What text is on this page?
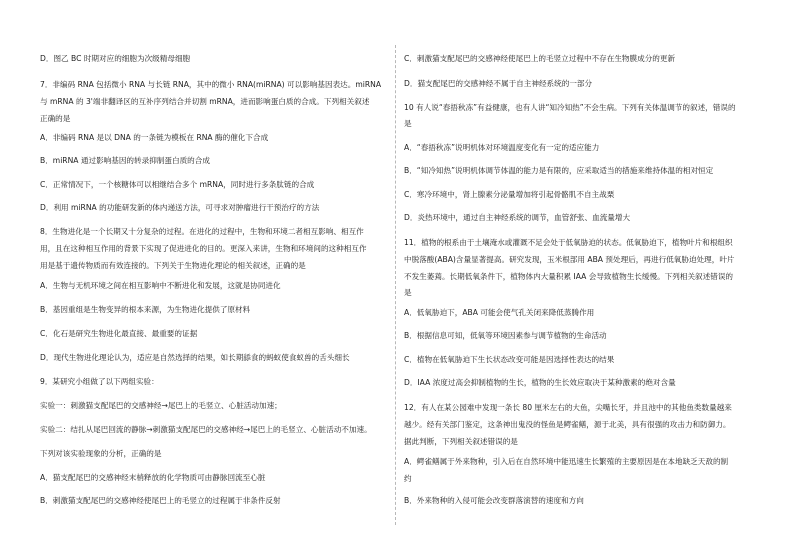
D．图乙 BC 时期对应的细胞为次级精母细胞
7．非编码 RNA 包括微小 RNA 与长链 RNA，其中的微小 RNA(miRNA) 可以影响基因表达。miRNA
与 mRNA 的 3'端非翻译区的互补序列结合并切割 mRNA，进而影响蛋白质的合成。下列相关叙述
正确的是
A．非编码 RNA 是以 DNA 的一条链为模板在 RNA 酶的催化下合成
B．miRNA 通过影响基因的转录抑制蛋白质的合成
C．正常情况下，一个核糖体可以相继结合多个 mRNA，同时进行多条肽链的合成
D．利用 miRNA 的功能研发新的体内递送方法，可寻求对肿瘤进行干预治疗的方法
8．生物进化是一个长期又十分复杂的过程。在进化的过程中，生物和环境二者相互影响、相互作
用，且在这种相互作用的背景下实现了促进进化的目的。更深入来讲，生物和环境间的这种相互作
用是基于遗传物质而有效连接的。下列关于生物进化理论的相关叙述，正确的是
A．生物与无机环境之间在相互影响中不断进化和发展，这就是协同进化
B．基因重组是生物变异的根本来源，为生物进化提供了原材料
C．化石是研究生物进化最直接、最重要的证据
D．现代生物进化理论认为，适应是自然选择的结果，如长期舔食的蚂蚁使食蚁兽的舌头细长
9．某研究小组做了以下两组实验：
实验一：刺激猫支配尾巴的交感神经→尾巴上的毛竖立、心脏活动加速；
实验二：结扎从尾巴回流的静脉→刺激猫支配尾巴的交感神经→尾巴上的毛竖立、心脏活动不加速。
下列对该实验现象的分析，正确的是
A．猫支配尾巴的交感神经末梢释放的化学物质可由静脉回流至心脏
B．刺激猫支配尾巴的交感神经使尾巴上的毛竖立的过程属于非条件反射
C．刺激猫支配尾巴的交感神经使尾巴上的毛竖立过程中不存在生物膜成分的更新
D．猫支配尾巴的交感神经不属于自主神经系统的一部分
10 有人说“春捂秋冻”有益健康，也有人讲“知冷知热”不会生病。下列有关体温调节的叙述，错误的
是
A．“春捂秋冻”说明机体对环境温度变化有一定的适应能力
B．“知冷知热”说明机体调节体温的能力是有限的，应采取适当的措施来维持体温的相对恒定
C．寒冷环境中，肾上腺素分泌量增加将引起骨骼肌不自主战栗
D．炎热环境中，通过自主神经系统的调节，血管舒张、血流量增大
11．植物的根系由于土壤淹水或灌溉不足会处于低氧胁迫的状态。低氧胁迫下，植物叶片和根组织
中脱落酸(ABA)含量显著提高。研究发现，玉米根部用 ABA 预处理后，再进行低氧胁迫处理，叶片
不发生萎蔫。长期低氧条件下，植物体内大量积累 IAA 会导致植物生长缓慢。下列相关叙述错误的
是
A．低氧胁迫下，ABA 可能会使气孔关闭来降低蒸腾作用
B．根据信息可知，低氧等环境因素参与调节植物的生命活动
C．植物在低氧胁迫下生长状态改变可能是因选择性表达的结果
D．IAA 浓度过高会抑制植物的生长，植物的生长效应取决于某种激素的绝对含量
12．有人在某公园难中发现一条长 80 厘米左右的大鱼，尖嘴长牙，并且池中的其他鱼类数量越来
越少。经有关部门鉴定，这条神出鬼没的怪鱼是鳄雀鳝，源于北美，具有很强的攻击力和防御力。
据此判断，下列相关叙述错误的是
A．鳄雀鳝属于外来物种，引入后在自然环境中能迅速生长繁殖的主要原因是在本地缺乏天敌的制
约
B．外来物种的入侵可能会改变群落演替的速度和方向
